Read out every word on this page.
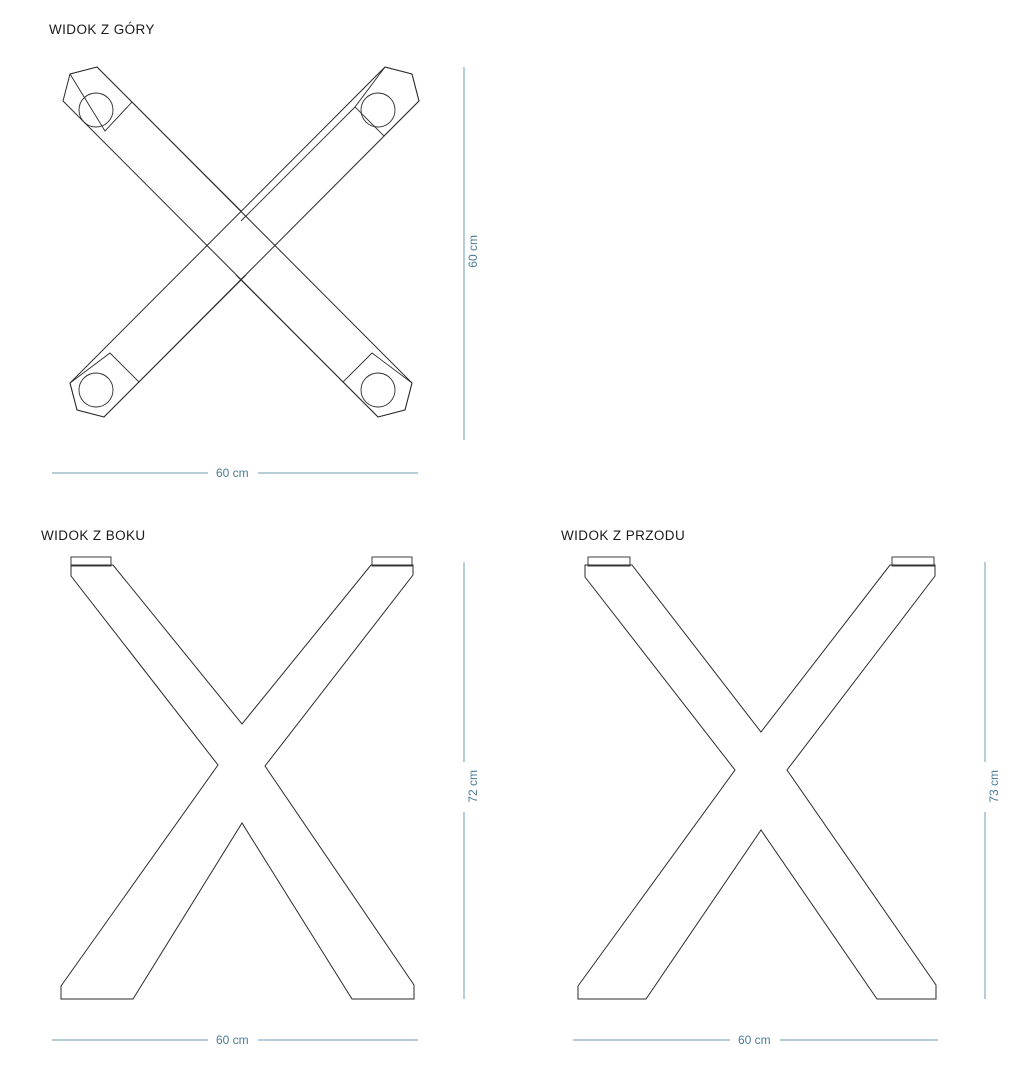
WIDOK Z GÓRY
60 cm
60 cm
WIDOK Z BOKU
72 cm
60 cm
WIDOK Z PRZODU
73 cm
60 cm
